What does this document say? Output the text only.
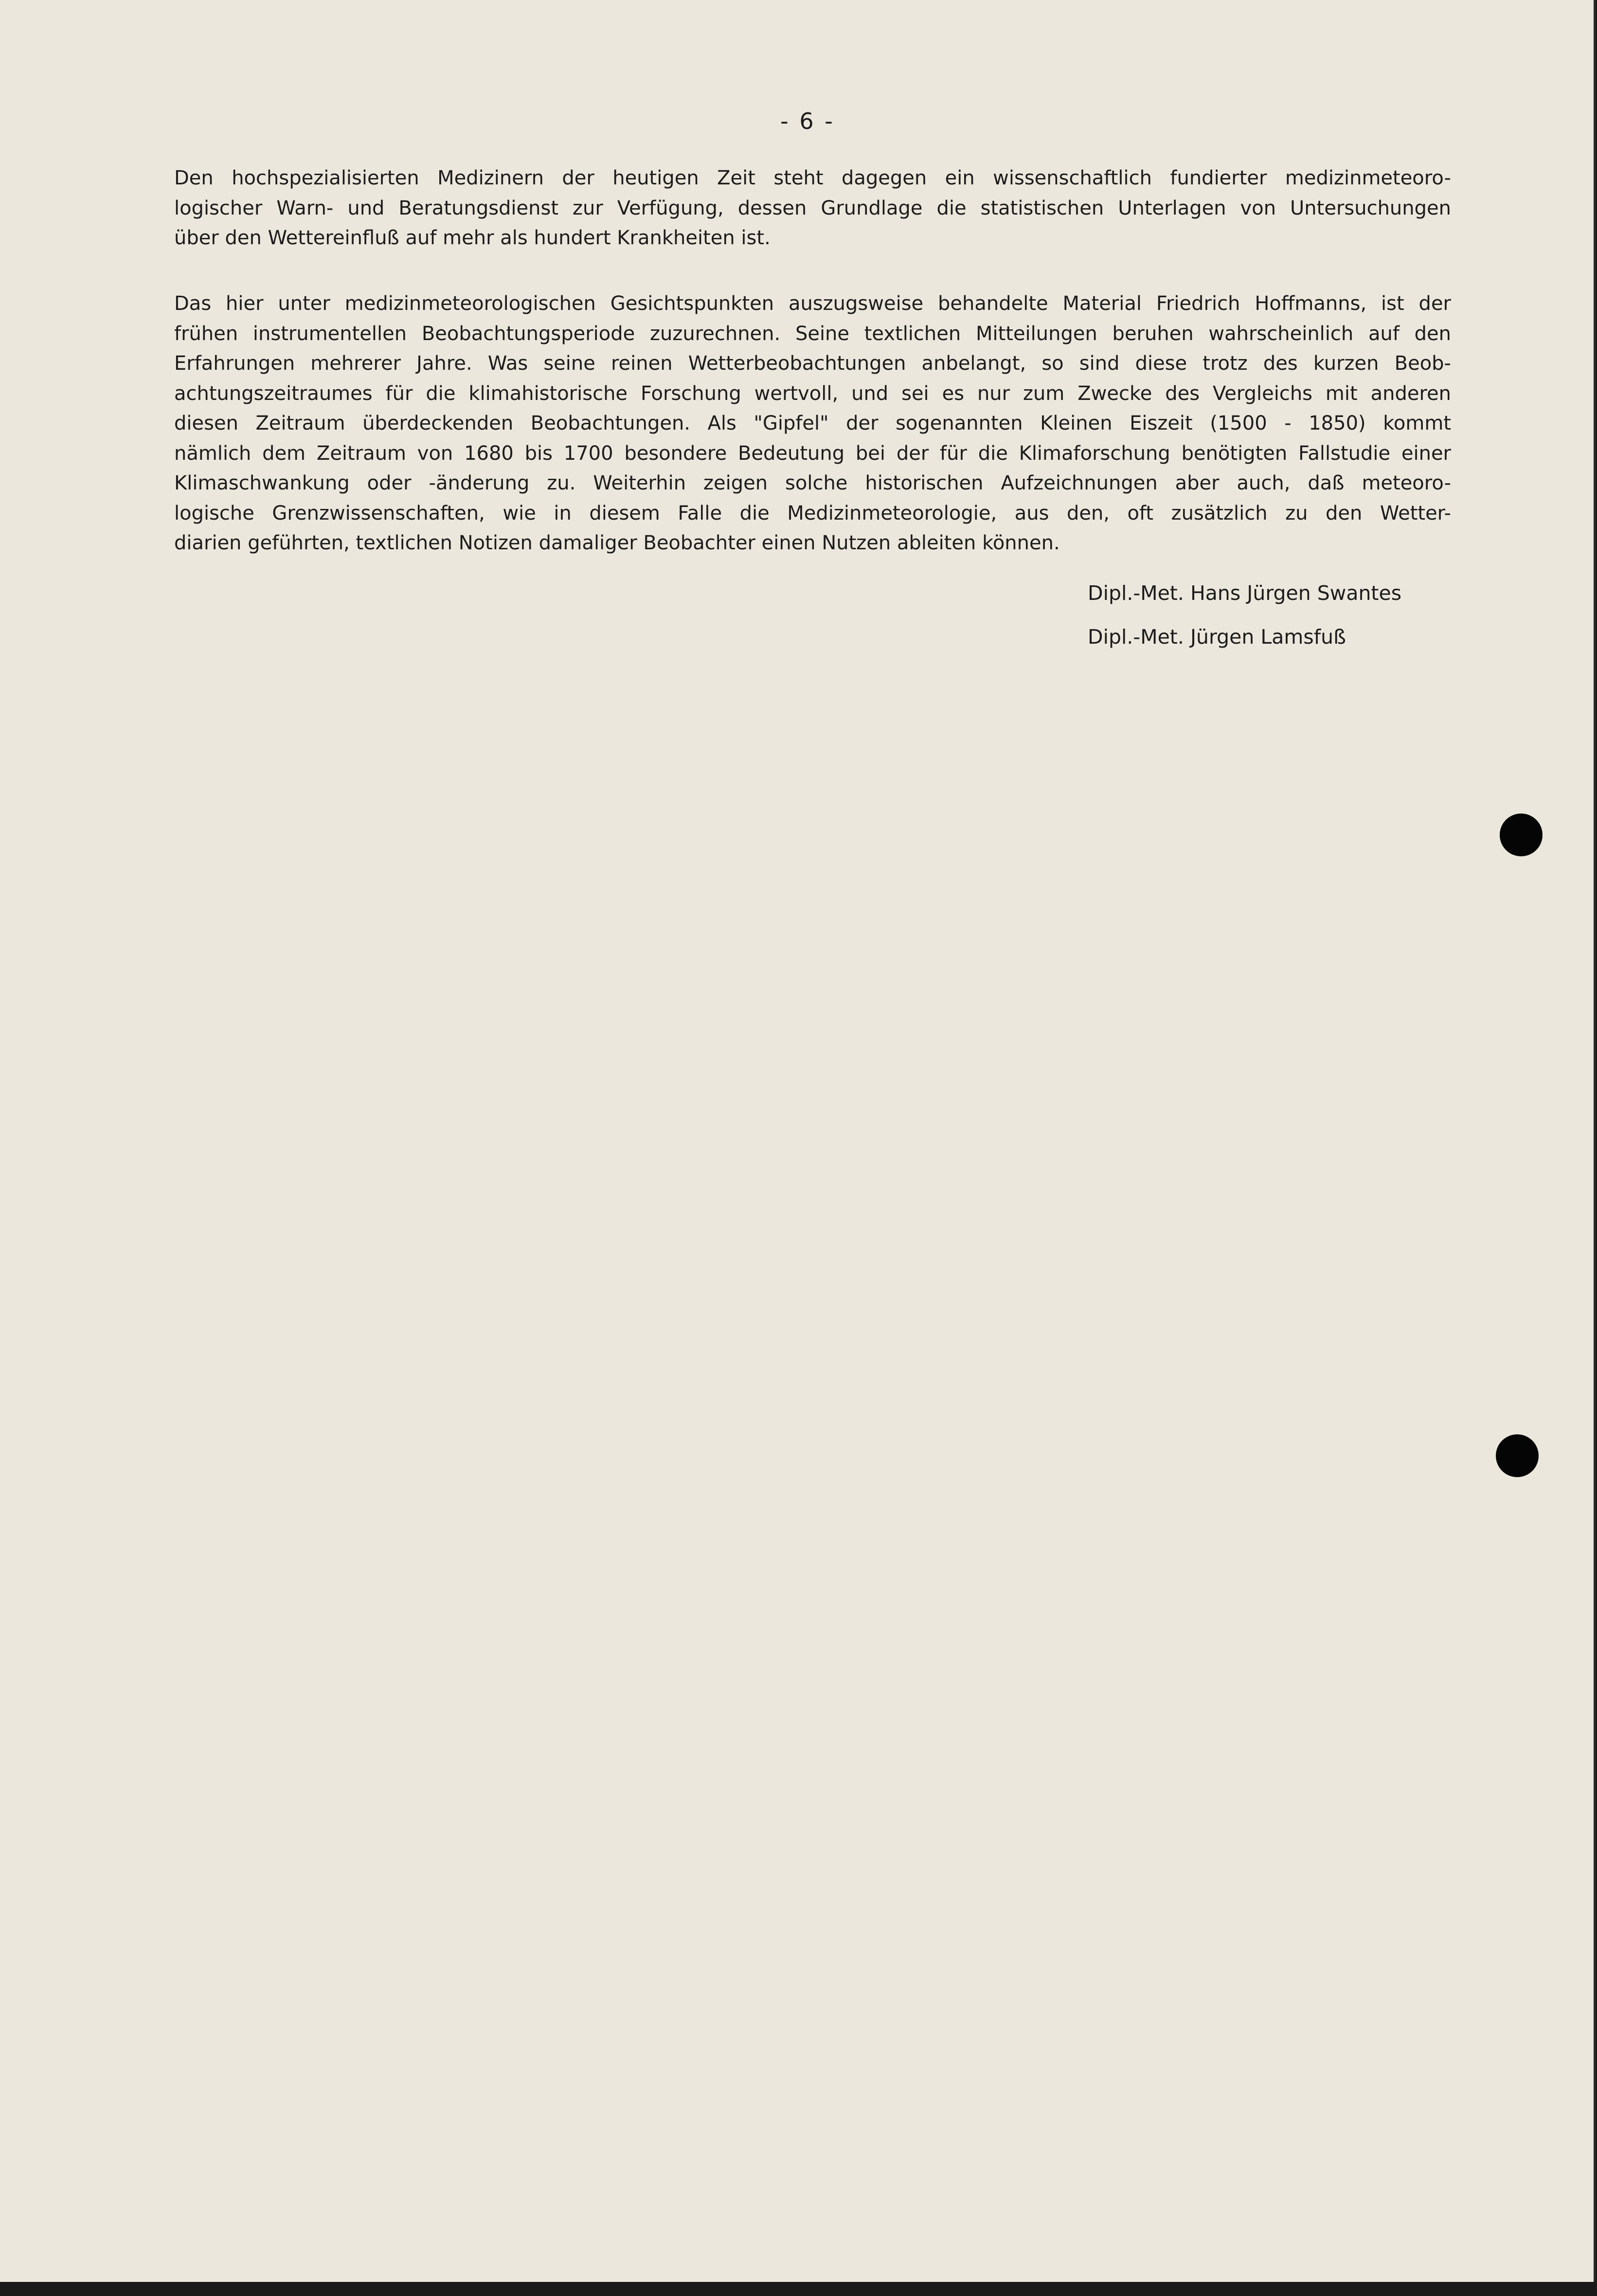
- 6 -

Den hochspezialisierten Medizinern der heutigen Zeit steht dagegen ein wissenschaftlich fundierter medizinmeteoro-
logischer Warn- und Beratungsdienst zur Verfügung, dessen Grundlage die statistischen Unterlagen von Untersuchungen
über den Wettereinfluß auf mehr als hundert Krankheiten ist.

Das hier unter medizinmeteorologischen Gesichtspunkten auszugsweise behandelte Material Friedrich Hoffmanns, ist der
frühen instrumentellen Beobachtungsperiode zuzurechnen. Seine textlichen Mitteilungen beruhen wahrscheinlich auf den
Erfahrungen mehrerer Jahre. Was seine reinen Wetterbeobachtungen anbelangt, so sind diese trotz des kurzen Beob-
achtungszeitraumes für die klimahistorische Forschung wertvoll, und sei es nur zum Zwecke des Vergleichs mit anderen
diesen Zeitraum überdeckenden Beobachtungen. Als "Gipfel" der sogenannten Kleinen Eiszeit (1500 - 1850) kommt
nämlich dem Zeitraum von 1680 bis 1700 besondere Bedeutung bei der für die Klimaforschung benötigten Fallstudie einer
Klimaschwankung oder -änderung zu. Weiterhin zeigen solche historischen Aufzeichnungen aber auch, daß meteoro-
logische Grenzwissenschaften, wie in diesem Falle die Medizinmeteorologie, aus den, oft zusätzlich zu den Wetter-
diarien geführten, textlichen Notizen damaliger Beobachter einen Nutzen ableiten können.

Dipl.-Met. Hans Jürgen Swantes
Dipl.-Met. Jürgen Lamsfuß
